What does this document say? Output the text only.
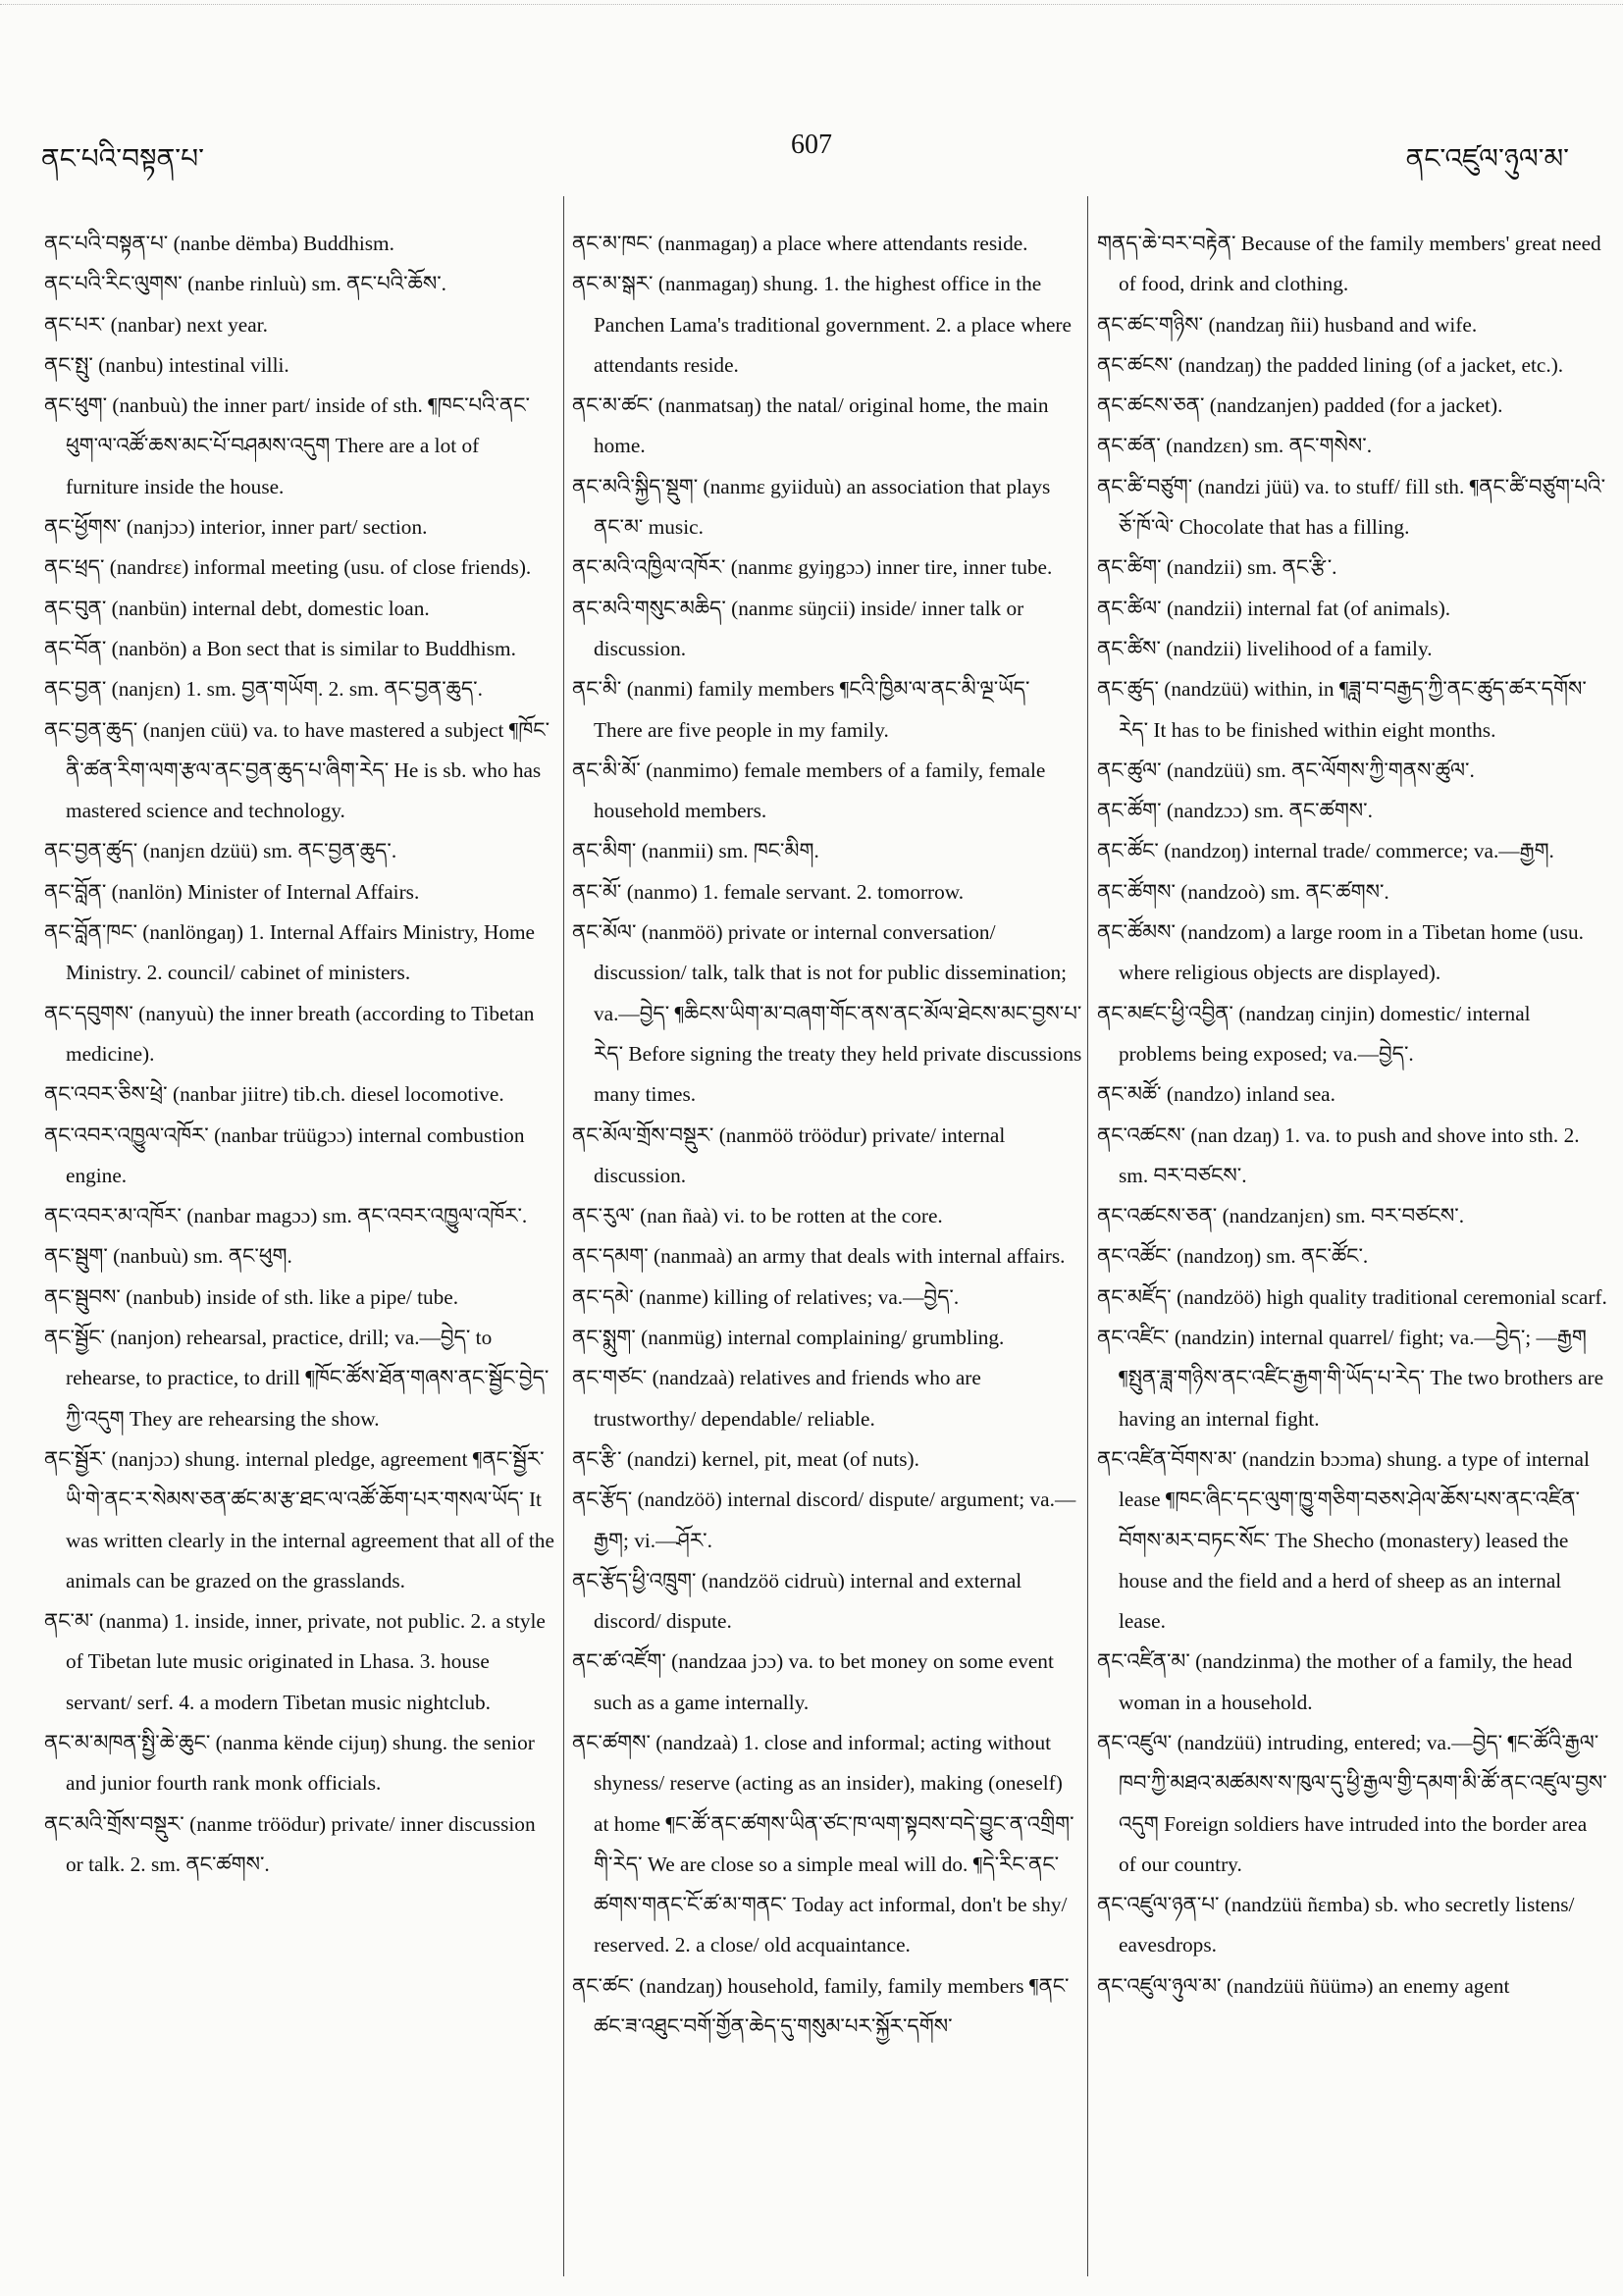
ནང་པའི་བསྟན་པ་	607	ནང་འཛུལ་ཉུལ་མ་
ནང་པའི་བསྟན་པ་ (nanbe dëmba) Buddhism.
ནང་པའི་རིང་ལུགས་ (nanbe rinluù) sm. ནང་པའི་ཆོས་.
ནང་པར་ (nanbar) next year.
ནང་སྤུ་ (nanbu) intestinal villi.
ནང་ཕུག་ (nanbuù) the inner part/ inside of sth. ¶ཁང་པའི་ནང་ཕུག་ལ་འཚོ་ཆས་མང་པོ་བཤམས་འདུག There are a lot of furniture inside the house.
ནང་ཕྱོགས་ (nanjɔɔ) interior, inner part/ section.
ནང་ཕྲད་ (nandrεε) informal meeting (usu. of close friends).
ནང་བུན་ (nanbün) internal debt, domestic loan.
ནང་བོན་ (nanbön) a Bon sect that is similar to Buddhism.
ནང་བྱན་ (nanjεn) 1. sm. བྱན་གཡོག. 2. sm. ནང་བྱན་ཆུད་.
ནང་བྱན་ཆུད་ (nanjen cüü) va. to have mastered a subject ¶ཁོང་ནི་ཚན་རིག་ལག་རྩལ་ནང་བྱན་ཆུད་པ་ཞིག་རེད་ He is sb. who has mastered science and technology.
ནང་བྱན་ཚུད་ (nanjεn dzüü) sm. ནང་བྱན་ཆུད་.
ནང་བློན་ (nanlön) Minister of Internal Affairs.
ནང་བློན་ཁང་ (nanlöngaŋ) 1. Internal Affairs Ministry, Home Ministry. 2. council/ cabinet of ministers.
ནང་དབུགས་ (nanyuù) the inner breath (according to Tibetan medicine).
ནང་འབར་ཅིས་ཕྲེ་ (nanbar jiitre) tib.ch. diesel locomotive.
ནང་འབར་འཁྱུལ་འཁོར་ (nanbar trüügɔɔ) internal combustion engine.
ནང་འབར་མ་འཁོར་ (nanbar magɔɔ) sm. ནང་འབར་འཁྱུལ་འཁོར་.
ནང་སྦུག་ (nanbuù) sm. ནང་ཕུག.
ནང་སྦུབས་ (nanbub) inside of sth. like a pipe/ tube.
ནང་སྦྱོང་ (nanjon) rehearsal, practice, drill; va.—བྱེད་ to rehearse, to practice, to drill ¶ཁོང་ཚོས་ཐོན་གཞས་ནང་སྦྱོང་བྱེད་ཀྱི་འདུག They are rehearsing the show.
ནང་སྦྱོར་ (nanjɔɔ) shung. internal pledge, agreement ¶ནང་སྦྱོར་ཡི་གེ་ནང་ར་སེམས་ཅན་ཚང་མ་རྩ་ཐང་ལ་འཚོ་ཆོག་པར་གསལ་ཡོད་ It was written clearly in the internal agreement that all of the animals can be grazed on the grasslands.
ནང་མ་ (nanma) 1. inside, inner, private, not public. 2. a style of Tibetan lute music originated in Lhasa. 3. house servant/ serf. 4. a modern Tibetan music nightclub.
ནང་མ་མཁན་སྤྱི་ཆེ་ཆུང་ (nanma kënde cijuŋ) shung. the senior and junior fourth rank monk officials.
ནང་མའི་གྲོས་བསྡུར་ (nanme tröödur) private/ inner discussion or talk. 2. sm. ནང་ཚགས་.
ནང་མ་ཁང་ (nanmagaŋ) a place where attendants reside.
ནང་མ་སྒར་ (nanmagaŋ) shung. 1. the highest office in the Panchen Lama's traditional government. 2. a place where attendants reside.
ནང་མ་ཚང་ (nanmatsaŋ) the natal/ original home, the main home.
ནང་མའི་སྐྱིད་སྡུག་ (nanmε gyiiduù) an association that plays ནང་མ་ music.
ནང་མའི་འཁྱིལ་འཁོར་ (nanmε gyiŋgɔɔ) inner tire, inner tube.
ནང་མའི་གསུང་མཆིད་ (nanmε süŋcii) inside/ inner talk or discussion.
ནང་མི་ (nanmi) family members ¶ངའི་ཁྱིམ་ལ་ནང་མི་ལྔ་ཡོད་ There are five people in my family.
ནང་མི་མོ་ (nanmimo) female members of a family, female household members.
ནང་མིག་ (nanmii) sm. ཁང་མིག.
ནང་མོ་ (nanmo) 1. female servant. 2. tomorrow.
ནང་མོལ་ (nanmöö) private or internal conversation/ discussion/ talk, talk that is not for public dissemination; va.—བྱེད་ ¶ཆིངས་ཡིག་མ་བཞག་གོང་ནས་ནང་མོལ་ཐེངས་མང་བྱས་པ་རེད་ Before signing the treaty they held private discussions many times.
ནང་མོལ་གྲོས་བསྡུར་ (nanmöö tröödur) private/ internal discussion.
ནང་རུལ་ (nan ñaà) vi. to be rotten at the core.
ནང་དམག་ (nanmaà) an army that deals with internal affairs.
ནང་དམེ་ (nanme) killing of relatives; va.—བྱེད་.
ནང་སྨུག་ (nanmüg) internal complaining/ grumbling.
ནང་གཙང་ (nandzaà) relatives and friends who are trustworthy/ dependable/ reliable.
ནང་རྩི་ (nandzi) kernel, pit, meat (of nuts).
ནང་རྩོད་ (nandzöö) internal discord/ dispute/ argument; va.—རྒྱག; vi.—ཤོར་.
ནང་རྩོད་ཕྱི་འཁྲུག་ (nandzöö cidruù) internal and external discord/ dispute.
ནང་ཚ་འཛོག་ (nandzaa jɔɔ) va. to bet money on some event such as a game internally.
ནང་ཚགས་ (nandzaà) 1. close and informal; acting without shyness/ reserve (acting as an insider), making (oneself) at home ¶ང་ཚོ་ནང་ཚགས་ཡིན་ཙང་ཁ་ལག་སྟབས་བདེ་བྱུང་ན་འགྲིག་གི་རེད་ We are close so a simple meal will do. ¶དེ་རིང་ནང་ཚགས་གནང་ངོ་ཚ་མ་གནང་ Today act informal, don't be shy/ reserved. 2. a close/ old acquaintance.
ནང་ཚང་ (nandzaŋ) household, family, family members ¶ནང་ཚང་ཟ་འཐུང་བགོ་གྱོན་ཆེད་དུ་གསུམ་པར་སྐྱོར་དགོས་
གནད་ཆེ་བར་བརྟེན་ Because of the family members' great need of food, drink and clothing.
ནང་ཚང་གཉིས་ (nandzaŋ ñii) husband and wife.
ནང་ཚངས་ (nandzaŋ) the padded lining (of a jacket, etc.).
ནང་ཚངས་ཅན་ (nandzanjen) padded (for a jacket).
ནང་ཚན་ (nandzεn) sm. ནང་གསེས་.
ནང་ཚི་བཙུག་ (nandzi jüü) va. to stuff/ fill sth. ¶ནང་ཚི་བཙུག་པའི་ཅོ་ཁོ་ལེ་ Chocolate that has a filling.
ནང་ཚིག་ (nandzii) sm. ནང་རྩི་.
ནང་ཚིལ་ (nandzii) internal fat (of animals).
ནང་ཚིས་ (nandzii) livelihood of a family.
ནང་ཚུད་ (nandzüü) within, in ¶ཟླ་བ་བརྒྱད་ཀྱི་ནང་ཚུད་ཚར་དགོས་རེད་ It has to be finished within eight months.
ནང་ཚུལ་ (nandzüü) sm. ནང་ལོགས་ཀྱི་གནས་ཚུལ་.
ནང་ཚོག་ (nandzɔɔ) sm. ནང་ཚགས་.
ནང་ཚོང་ (nandzoŋ) internal trade/ commerce; va.—རྒྱག.
ནང་ཚོགས་ (nandzoò) sm. ནང་ཚགས་.
ནང་ཚོམས་ (nandzom) a large room in a Tibetan home (usu. where religious objects are displayed).
ནང་མཛང་ཕྱི་འབྱིན་ (nandzaŋ cinjin) domestic/ internal problems being exposed; va.—བྱེད་.
ནང་མཚོ་ (nandzo) inland sea.
ནང་འཚངས་ (nan dzaŋ) 1. va. to push and shove into sth. 2. sm. བར་བཙངས་.
ནང་འཚངས་ཅན་ (nandzanjεn) sm. བར་བཙངས་.
ནང་འཚོང་ (nandzoŋ) sm. ནང་ཚོང་.
ནང་མཛོད་ (nandzöö) high quality traditional ceremonial scarf.
ནང་འཛིང་ (nandzin) internal quarrel/ fight; va.—བྱེད་; —རྒྱག ¶སྤུན་ཟླ་གཉིས་ནང་འཛིང་རྒྱག་གི་ཡོད་པ་རེད་ The two brothers are having an internal fight.
ནང་འཛིན་བོགས་མ་ (nandzin bɔɔma) shung. a type of internal lease ¶ཁང་ཞིང་དང་ལུག་ཁྱུ་གཅིག་བཅས་ཤེལ་ཆོས་པས་ནང་འཛིན་བོགས་མར་བཏང་སོང་ The Shecho (monastery) leased the house and the field and a herd of sheep as an internal lease.
ནང་འཛིན་མ་ (nandzinma) the mother of a family, the head woman in a household.
ནང་འཛུལ་ (nandzüü) intruding, entered; va.—བྱེད་ ¶ང་ཚོའི་རྒྱལ་ཁབ་ཀྱི་མཐའ་མཚམས་ས་ཁུལ་དུ་ཕྱི་རྒྱལ་གྱི་དམག་མི་ཚོ་ནང་འཛུལ་བྱས་འདུག Foreign soldiers have intruded into the border area of our country.
ནང་འཛུལ་ཉན་པ་ (nandzüü ñεmba) sb. who secretly listens/ eavesdrops.
ནང་འཛུལ་ཉུལ་མ་ (nandzüü ñüümə) an enemy agent
